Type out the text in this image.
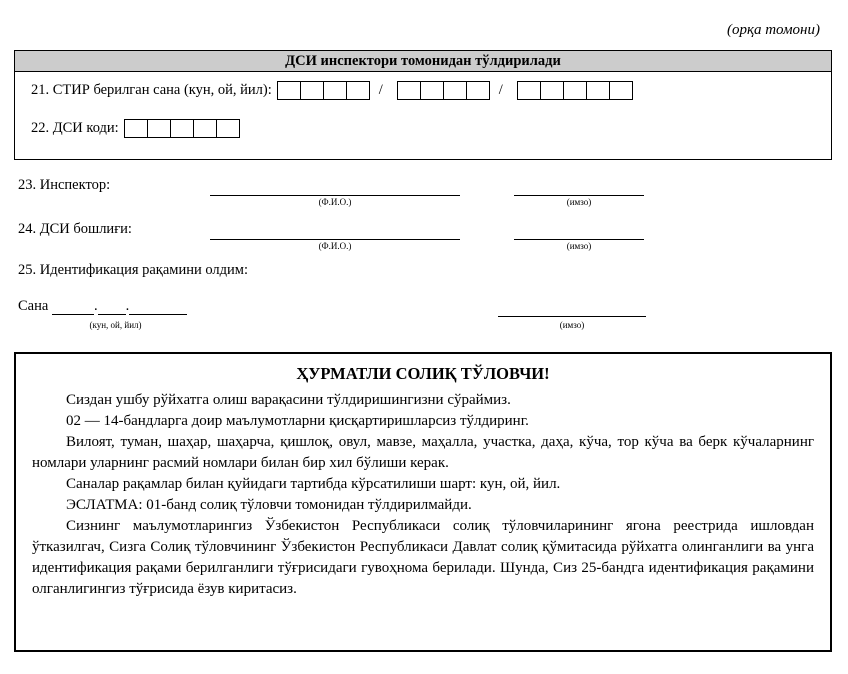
(орқа томони)
ДСИ инспектори томонидан тўлдирилади
21. СТИР берилган сана (кун, ой, йил):	/	/
22. ДСИ коди:
23. Инспектор:
(Ф.И.О.)	(имзо)
24. ДСИ бошлиғи:
(Ф.И.О.)	(имзо)
25. Идентификация рақамини олдим:
Сана	. .
(кун, ой, йил)	(имзо)
ҲУРМАТЛИ СОЛИҚ ТЎЛОВЧИ!

Сиздан ушбу рўйхатга олиш варақасини тўлдиришингизни сўраймиз.

02 — 14-бандларга доир маълумотларни қисқартиришларсиз тўлдиринг.

Вилоят, туман, шаҳар, шаҳарча, қишлоқ, овул, мавзе, маҳалла, участка, даҳа, кўча, тор кўча ва берк кўчаларнинг номлари уларнинг расмий номлари билан бир хил бўлиши керак.

Саналар рақамлар билан қуйидаги тартибда кўрсатилиши шарт: кун, ой, йил.

ЭСЛАТМА: 01-банд солиқ тўловчи томонидан тўлдирилмайди.

Сизнинг маълумотларингиз Ўзбекистон Республикаси солиқ тўловчиларининг ягона реестрида ишловдан ўтказилгач, Сизга Солиқ тўловчининг Ўзбекистон Республикаси Давлат солиқ қўмитасида рўйхатга олинганлиги ва унга идентификация рақами берилганлиги тўғрисидаги гувоҳнома берилади. Шунда, Сиз 25-бандга идентификация рақамини олганлигингиз тўғрисида ёзув киритасиз.
